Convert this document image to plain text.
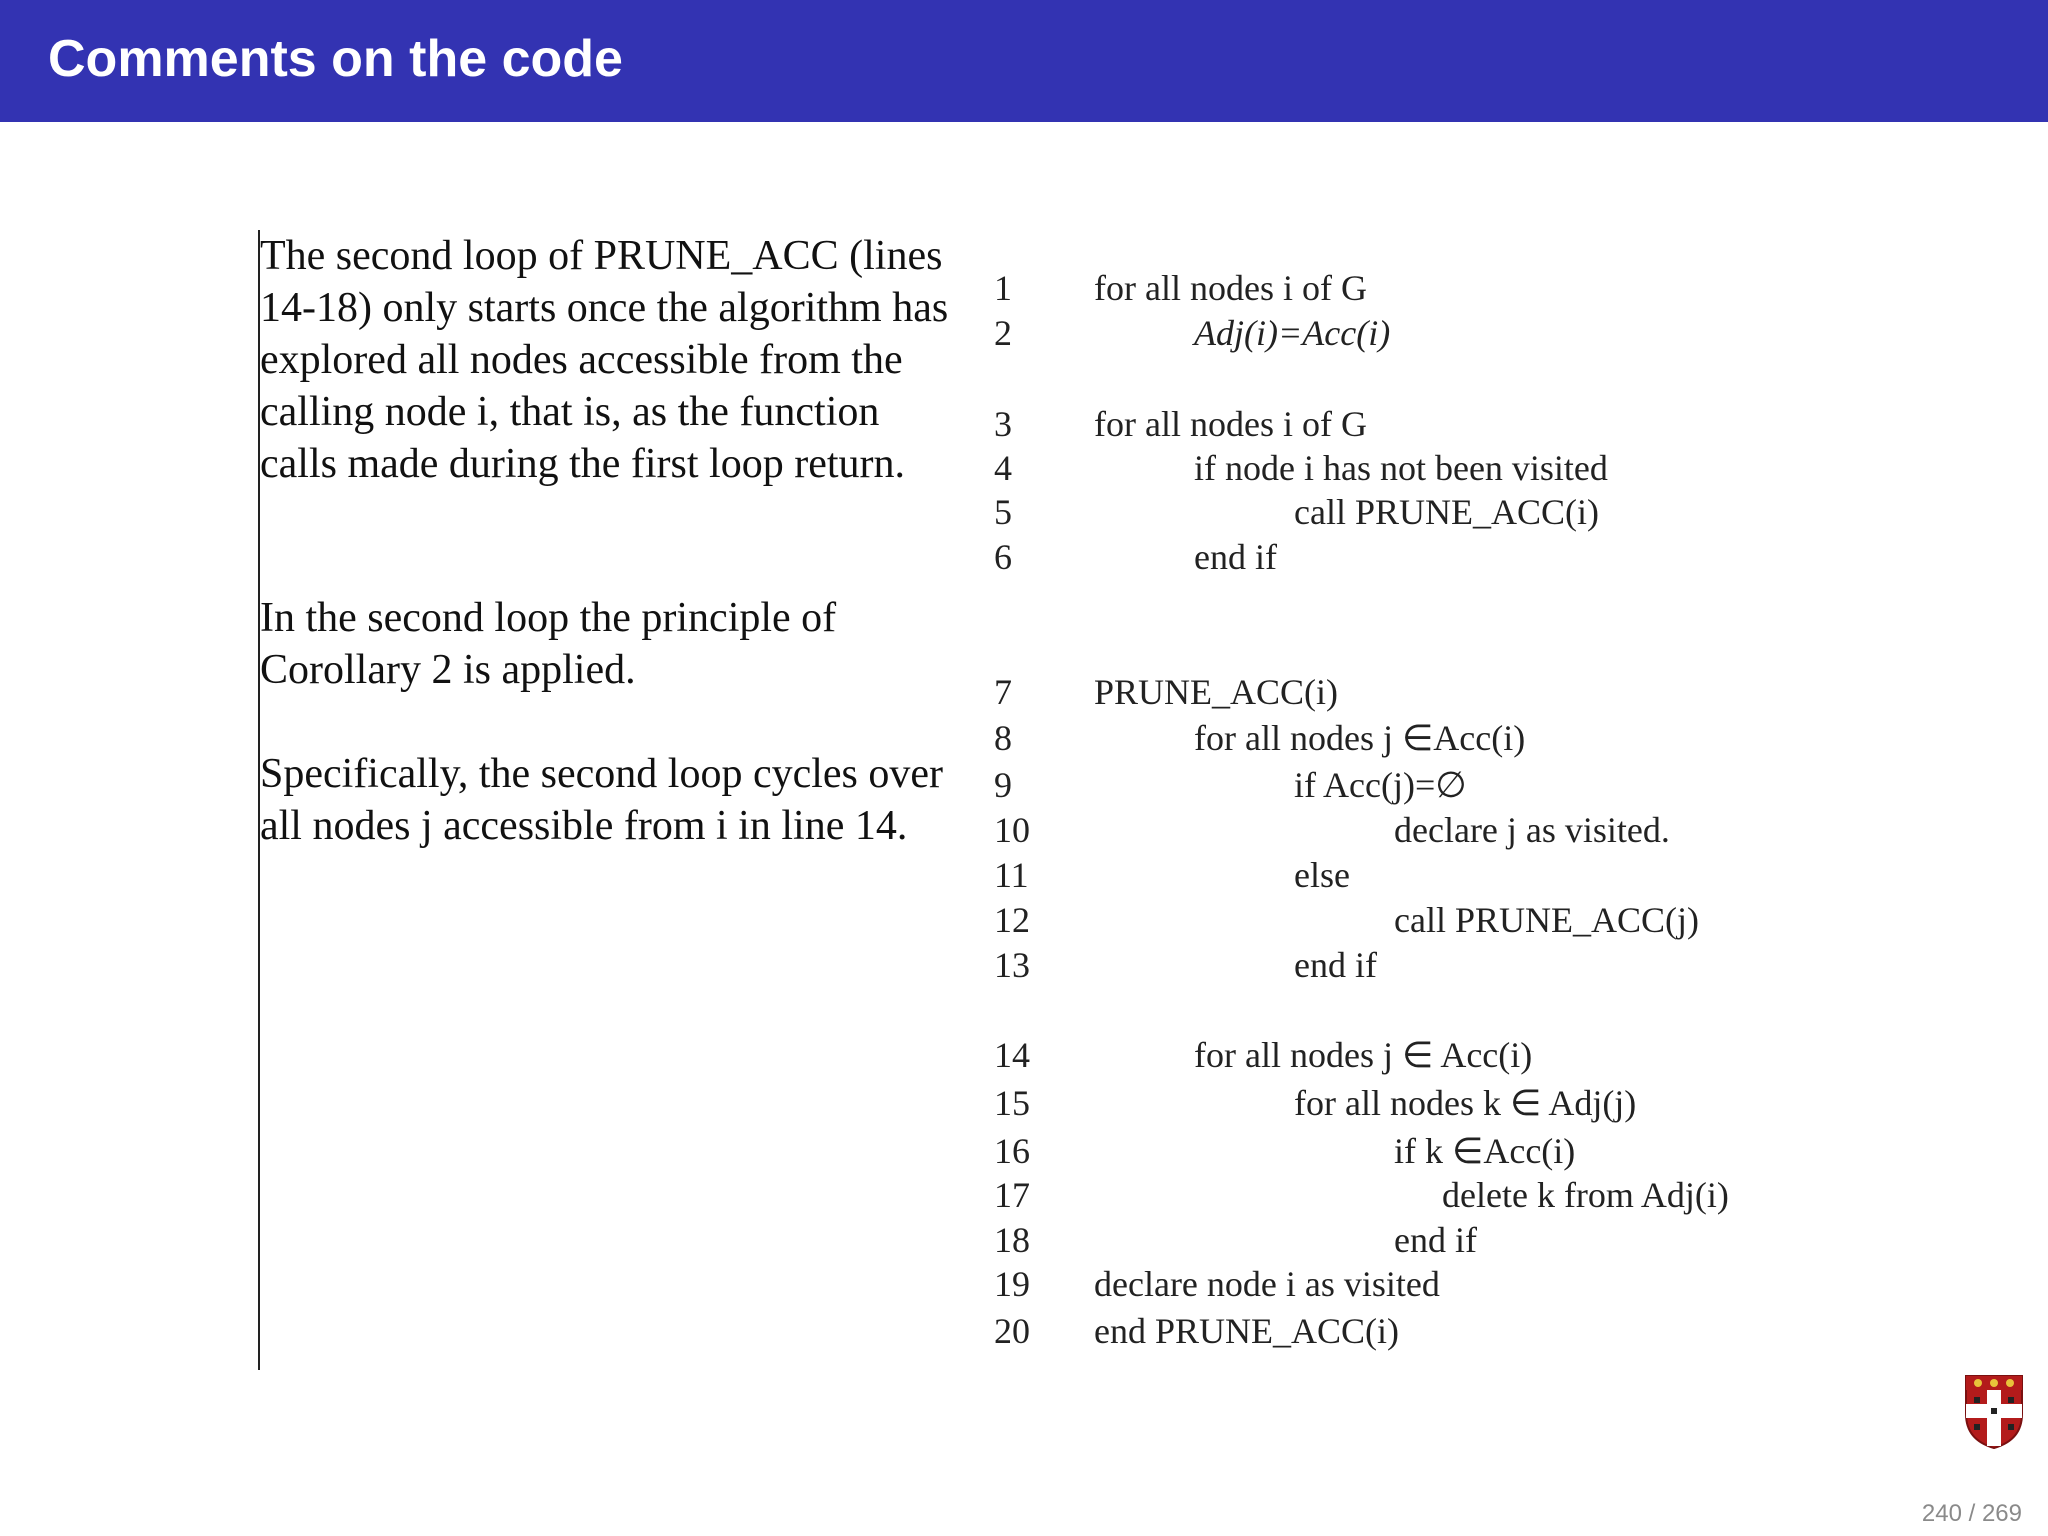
Comments on the code
The second loop of PRUNE_ACC (lines 14-18) only starts once the algorithm has explored all nodes accessible from the calling node i, that is, as the function calls made during the first loop return.
In the second loop the principle of Corollary 2 is applied.
Specifically, the second loop cycles over all nodes j accessible from i in line 14.
1 for all nodes i of G
2	Adj(i)=Acc(i)
3 for all nodes i of G
4	if node i has not been visited
5	call PRUNE_ACC(i)
6	end if
7 PRUNE_ACC(i)
8	for all nodes j ∈Acc(i)
9	if Acc(j)=∅
10	declare j as visited.
11	else
12	call PRUNE_ACC(j)
13	end if
14	for all nodes j ∈ Acc(i)
15	for all nodes k ∈ Adj(j)
16	if k ∈Acc(i)
17	delete k from Adj(i)
18	end if
19 declare node i as visited
20 end PRUNE_ACC(i)
240 / 269
